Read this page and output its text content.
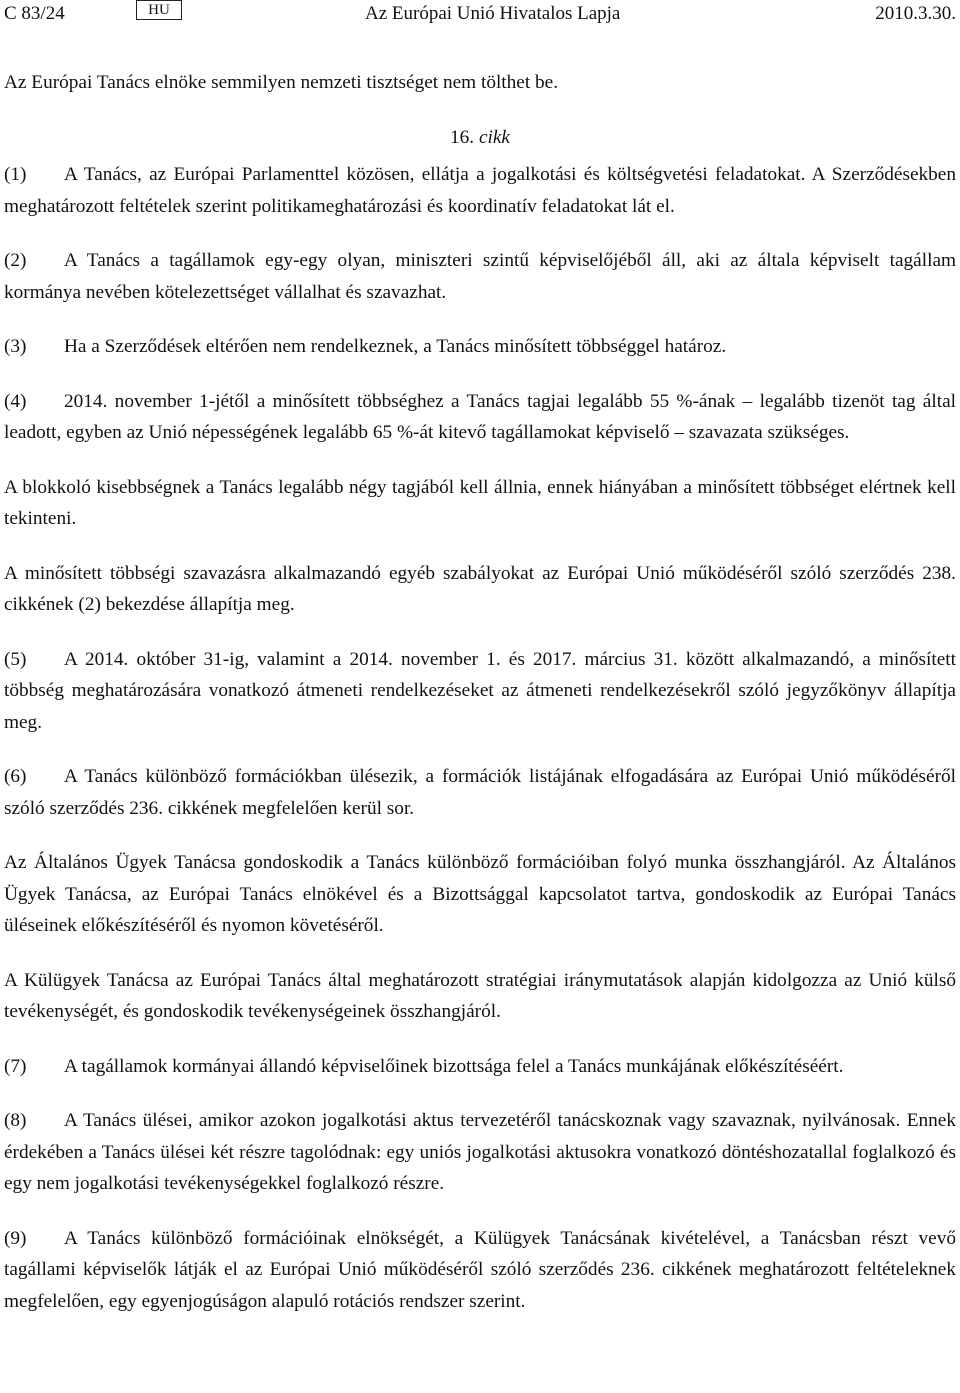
C 83/24	HU	Az Európai Unió Hivatalos Lapja	2010.3.30.

Az Európai Tanács elnöke semmilyen nemzeti tisztséget nem tölthet be.

16. cikk

(1) A Tanács, az Európai Parlamenttel közösen, ellátja a jogalkotási és költségvetési feladatokat. A Szerződésekben meghatározott feltételek szerint politikameghatározási és koordinatív feladatokat lát el.

(2) A Tanács a tagállamok egy-egy olyan, miniszteri szintű képviselőjéből áll, aki az általa képviselt tagállam kormánya nevében kötelezettséget vállalhat és szavazhat.

(3) Ha a Szerződések eltérően nem rendelkeznek, a Tanács minősített többséggel határoz.

(4) 2014. november 1-jétől a minősített többséghez a Tanács tagjai legalább 55 %-ának – legalább tizenöt tag által leadott, egyben az Unió népességének legalább 65 %-át kitevő tagállamokat képviselő – szavazata szükséges.

A blokkoló kisebbségnek a Tanács legalább négy tagjából kell állnia, ennek hiányában a minősített többséget elértnek kell tekinteni.

A minősített többségi szavazásra alkalmazandó egyéb szabályokat az Európai Unió működéséről szóló szerződés 238. cikkének (2) bekezdése állapítja meg.

(5) A 2014. október 31-ig, valamint a 2014. november 1. és 2017. március 31. között alkalmazandó, a minősített többség meghatározására vonatkozó átmeneti rendelkezéseket az átmeneti rendelkezésekről szóló jegyzőkönyv állapítja meg.

(6) A Tanács különböző formációkban ülésezik, a formációk listájának elfogadására az Európai Unió működéséről szóló szerződés 236. cikkének megfelelően kerül sor.

Az Általános Ügyek Tanácsa gondoskodik a Tanács különböző formációiban folyó munka összhangjáról. Az Általános Ügyek Tanácsa, az Európai Tanács elnökével és a Bizottsággal kapcsolatot tartva, gondoskodik az Európai Tanács üléseinek előkészítéséről és nyomon követéséről.

A Külügyek Tanácsa az Európai Tanács által meghatározott stratégiai iránymutatások alapján kidolgozza az Unió külső tevékenységét, és gondoskodik tevékenységeinek összhangjáról.

(7) A tagállamok kormányai állandó képviselőinek bizottsága felel a Tanács munkájának előkészítéséért.

(8) A Tanács ülései, amikor azokon jogalkotási aktus tervezetéről tanácskoznak vagy szavaznak, nyilvánosak. Ennek érdekében a Tanács ülései két részre tagolódnak: egy uniós jogalkotási aktusokra vonatkozó döntéshozatallal foglalkozó és egy nem jogalkotási tevékenységekkel foglalkozó részre.

(9) A Tanács különböző formációinak elnökségét, a Külügyek Tanácsának kivételével, a Tanácsban részt vevő tagállami képviselők látják el az Európai Unió működéséről szóló szerződés 236. cikkének meghatározott feltételeknek megfelelően, egy egyenjogúságon alapuló rotációs rendszer szerint.
